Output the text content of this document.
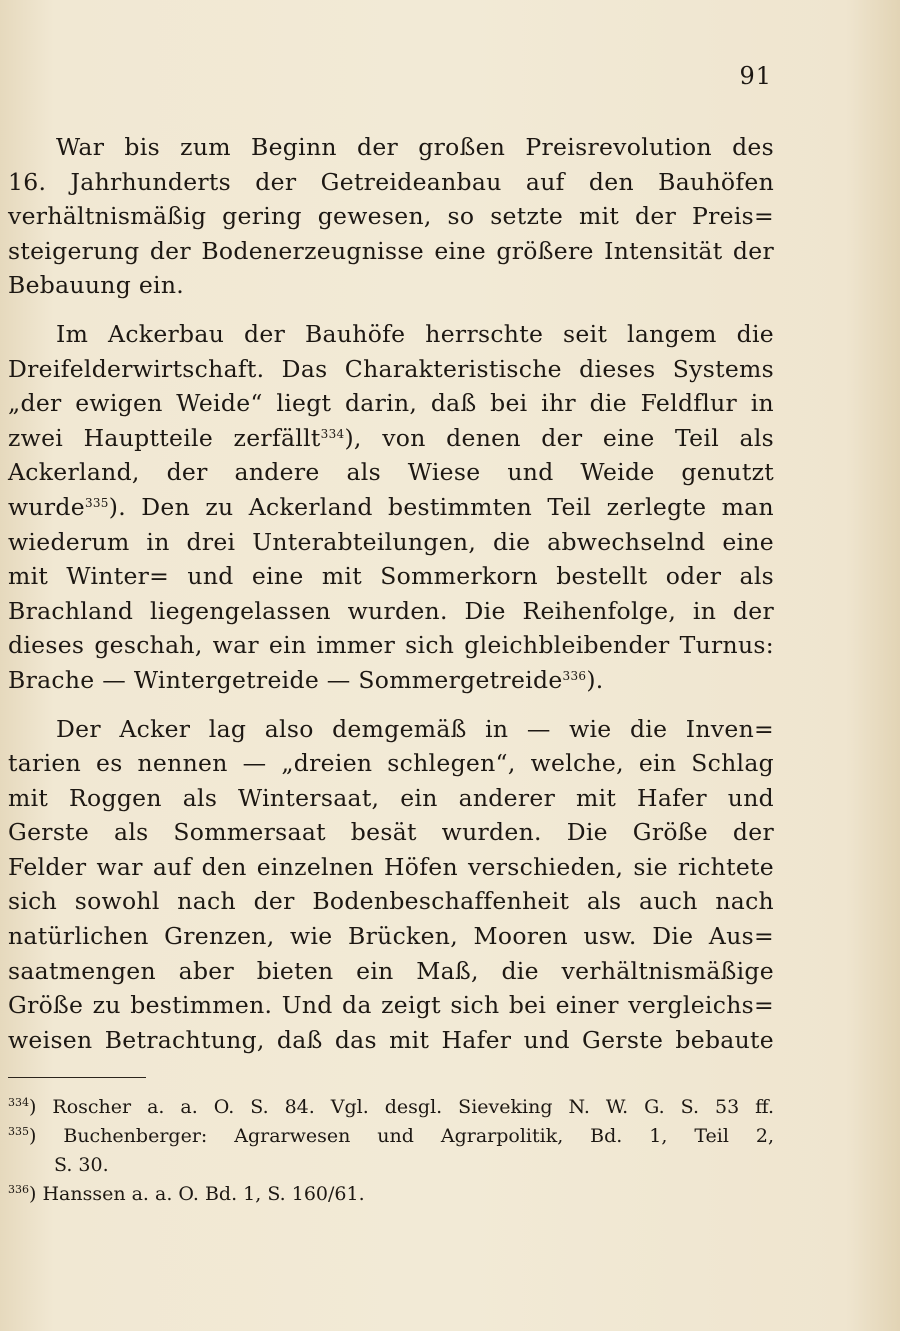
91
War bis zum Beginn der großen Preisrevolution des
16. Jahrhunderts der Getreideanbau auf den Bauhöfen
verhältnismäßig gering gewesen, so setzte mit der Preis=
steigerung der Bodenerzeugnisse eine größere Intensität der
Bebauung ein.
Im Ackerbau der Bauhöfe herrschte seit langem die
Dreifelderwirtschaft. Das Charakteristische dieses Systems
„der ewigen Weide“ liegt darin, daß bei ihr die Feldflur in
zwei Hauptteile zerfällt$^{334}$), von denen der eine Teil als
Ackerland, der andere als Wiese und Weide genutzt
wurde$^{335}$). Den zu Ackerland bestimmten Teil zerlegte man
wiederum in drei Unterabteilungen, die abwechselnd eine
mit Winter= und eine mit Sommerkorn bestellt oder als
Brachland liegengelassen wurden. Die Reihenfolge, in der
dieses geschah, war ein immer sich gleichbleibender Turnus:
Brache — Wintergetreide — Sommergetreide$^{336}$).
Der Acker lag also demgemäß in — wie die Inven=
tarien es nennen — „dreien schlegen“, welche, ein Schlag
mit Roggen als Wintersaat, ein anderer mit Hafer und
Gerste als Sommersaat besät wurden. Die Größe der
Felder war auf den einzelnen Höfen verschieden, sie richtete
sich sowohl nach der Bodenbeschaffenheit als auch nach
natürlichen Grenzen, wie Brücken, Mooren usw. Die Aus=
saatmengen aber bieten ein Maß, die verhältnismäßige
Größe zu bestimmen. Und da zeigt sich bei einer vergleichs=
weisen Betrachtung, daß das mit Hafer und Gerste bebaute
$^{334}$) Roscher a. a. O. S. 84. Vgl. desgl. Sieveking N. W. G. S. 53 ff.
$^{335}$) Buchenberger: Agrarwesen und Agrarpolitik, Bd. 1, Teil 2,
S. 30.
$^{336}$) Hanssen a. a. O. Bd. 1, S. 160/61.
